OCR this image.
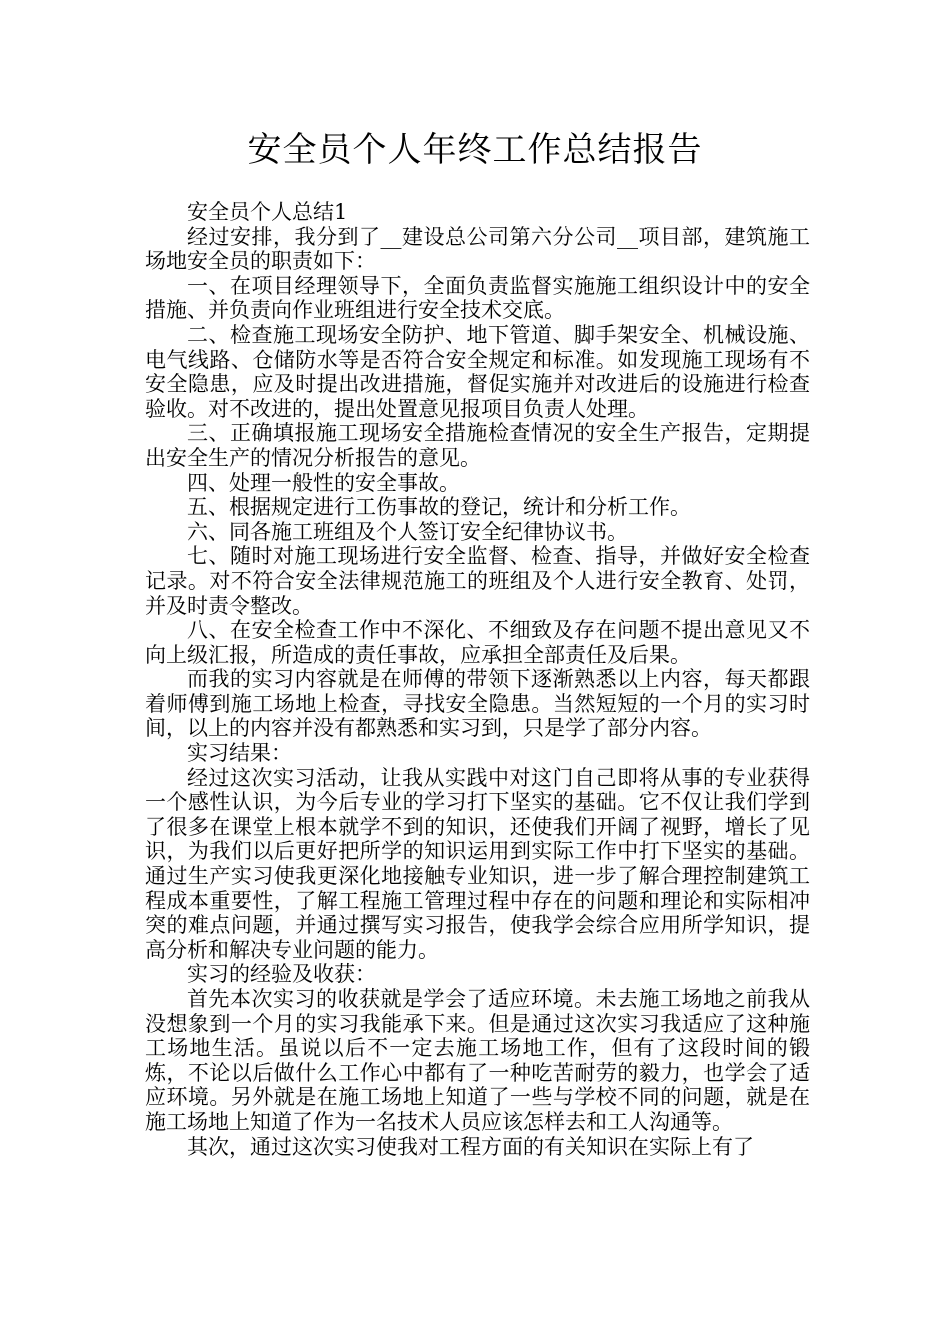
安全员个人年终工作总结报告

安全员个人总结1

经过安排，我分到了__建设总公司第六分公司__项目部，建筑施工场地安全员的职责如下：

一、在项目经理领导下，全面负责监督实施施工组织设计中的安全措施、并负责向作业班组进行安全技术交底。

二、检查施工现场安全防护、地下管道、脚手架安全、机械设施、电气线路、仓储防水等是否符合安全规定和标准。如发现施工现场有不安全隐患，应及时提出改进措施，督促实施并对改进后的设施进行检查验收。对不改进的，提出处置意见报项目负责人处理。

三、正确填报施工现场安全措施检查情况的安全生产报告，定期提出安全生产的情况分析报告的意见。

四、处理一般性的安全事故。

五、根据规定进行工伤事故的登记，统计和分析工作。

六、同各施工班组及个人签订安全纪律协议书。

七、随时对施工现场进行安全监督、检查、指导，并做好安全检查记录。对不符合安全法律规范施工的班组及个人进行安全教育、处罚，并及时责令整改。

八、在安全检查工作中不深化、不细致及存在问题不提出意见又不向上级汇报，所造成的责任事故，应承担全部责任及后果。

而我的实习内容就是在师傅的带领下逐渐熟悉以上内容，每天都跟着师傅到施工场地上检查，寻找安全隐患。当然短短的一个月的实习时间，以上的内容并没有都熟悉和实习到，只是学了部分内容。

实习结果：

经过这次实习活动，让我从实践中对这门自己即将从事的专业获得一个感性认识，为今后专业的学习打下坚实的基础。它不仅让我们学到了很多在课堂上根本就学不到的知识，还使我们开阔了视野，增长了见识，为我们以后更好把所学的知识运用到实际工作中打下坚实的基础。通过生产实习使我更深化地接触专业知识，进一步了解合理控制建筑工程成本重要性，了解工程施工管理过程中存在的问题和理论和实际相冲突的难点问题，并通过撰写实习报告，使我学会综合应用所学知识，提高分析和解决专业问题的能力。

实习的经验及收获：

首先本次实习的收获就是学会了适应环境。未去施工场地之前我从没想象到一个月的实习我能承下来。但是通过这次实习我适应了这种施工场地生活。虽说以后不一定去施工场地工作，但有了这段时间的锻炼，不论以后做什么工作心中都有了一种吃苦耐劳的毅力，也学会了适应环境。另外就是在施工场地上知道了一些与学校不同的问题，就是在施工场地上知道了作为一名技术人员应该怎样去和工人沟通等。

其次，通过这次实习使我对工程方面的有关知识在实际上有了
